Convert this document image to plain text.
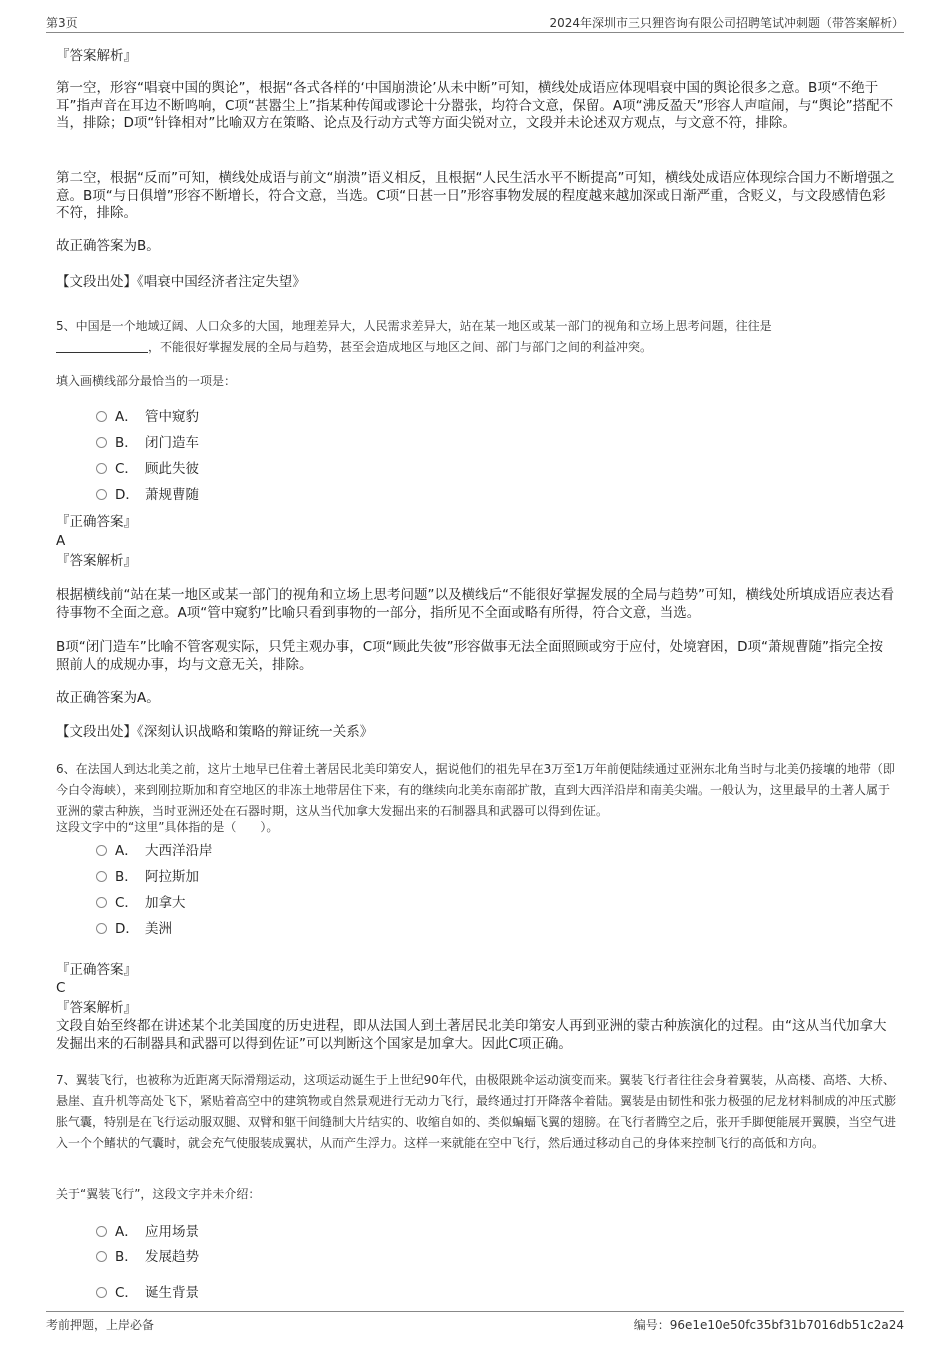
第3页	2024年深圳市三只狸咨询有限公司招聘笔试冲刺题（带答案解析）
『答案解析』
第一空，形容“唱衰中国的舆论”，根据“各式各样的‘中国崩溃论’从未中断”可知，横线处成语应体现唱衰中国的舆论很多之意。B项“不绝于耳”指声音在耳边不断鸣响，C项“甚嚣尘上”指某种传闻或谬论十分嚣张，均符合文意，保留。A项“沸反盈天”形容人声喧闹，与“舆论”搭配不当，排除；D项“针锋相对”比喻双方在策略、论点及行动方式等方面尖锐对立，文段并未论述双方观点，与文意不符，排除。
第二空，根据“反而”可知，横线处成语与前文“崩溃”语义相反，且根据“人民生活水平不断提高”可知，横线处成语应体现综合国力不断增强之意。B项“与日俱增”形容不断增长，符合文意，当选。C项“日甚一日”形容事物发展的程度越来越加深或日渐严重，含贬义，与文段感情色彩不符，排除。
故正确答案为B。
【文段出处】《唱衰中国经济者注定失望》
5、中国是一个地域辽阔、人口众多的大国，地理差异大，人民需求差异大，站在某一地区或某一部门的视角和立场上思考问题，往往是
，不能很好掌握发展的全局与趋势，甚至会造成地区与地区之间、部门与部门之间的利益冲突。
填入画横线部分最恰当的一项是：
A． 管中窥豹
B． 闭门造车
C． 顾此失彼
D． 萧规曹随
『正确答案』
A
『答案解析』
根据横线前“站在某一地区或某一部门的视角和立场上思考问题”以及横线后“不能很好掌握发展的全局与趋势”可知，横线处所填成语应表达看待事物不全面之意。A项“管中窥豹”比喻只看到事物的一部分，指所见不全面或略有所得，符合文意，当选。
B项“闭门造车”比喻不管客观实际，只凭主观办事，C项“顾此失彼”形容做事无法全面照顾或穷于应付，处境窘困，D项“萧规曹随”指完全按照前人的成规办事，均与文意无关，排除。
故正确答案为A。
【文段出处】《深刻认识战略和策略的辩证统一关系》
6、在法国人到达北美之前，这片土地早已住着土著居民北美印第安人，据说他们的祖先早在3万至1万年前便陆续通过亚洲东北角当时与北美仍接壤的地带（即今白令海峡），来到刚拉斯加和育空地区的非冻土地带居住下来，有的继续向北美东南部扩散，直到大西洋沿岸和南美尖端。一般认为，这里最早的土著人属于亚洲的蒙古种族，当时亚洲还处在石器时期，这从当代加拿大发掘出来的石制器具和武器可以得到佐证。
这段文字中的“这里”具体指的是（　　）。
A． 大西洋沿岸
B． 阿拉斯加
C． 加拿大
D． 美洲
『正确答案』
C
『答案解析』
文段自始至终都在讲述某个北美国度的历史进程，即从法国人到土著居民北美印第安人再到亚洲的蒙古种族演化的过程。由“这从当代加拿大发掘出来的石制器具和武器可以得到佐证”可以判断这个国家是加拿大。因此C项正确。
7、翼装飞行，也被称为近距离天际滑翔运动，这项运动诞生于上世纪90年代，由极限跳伞运动演变而来。翼装飞行者往往会身着翼装，从高楼、高塔、大桥、悬崖、直升机等高处飞下，紧贴着高空中的建筑物或自然景观进行无动力飞行，最终通过打开降落伞着陆。翼装是由韧性和张力极强的尼龙材料制成的冲压式膨胀气囊，特别是在飞行运动服双腿、双臂和躯干间缝制大片结实的、收缩自如的、类似蝙蝠飞翼的翅膀。在飞行者腾空之后，张开手脚便能展开翼膜，当空气进入一个个鳍状的气囊时，就会充气使服装成翼状，从而产生浮力。这样一来就能在空中飞行，然后通过移动自己的身体来控制飞行的高低和方向。
关于“翼装飞行”，这段文字并未介绍：
A． 应用场景
B． 发展趋势
C． 诞生背景
考前押题，上岸必备	编号：96e1e10e50fc35bf31b7016db51c2a24
